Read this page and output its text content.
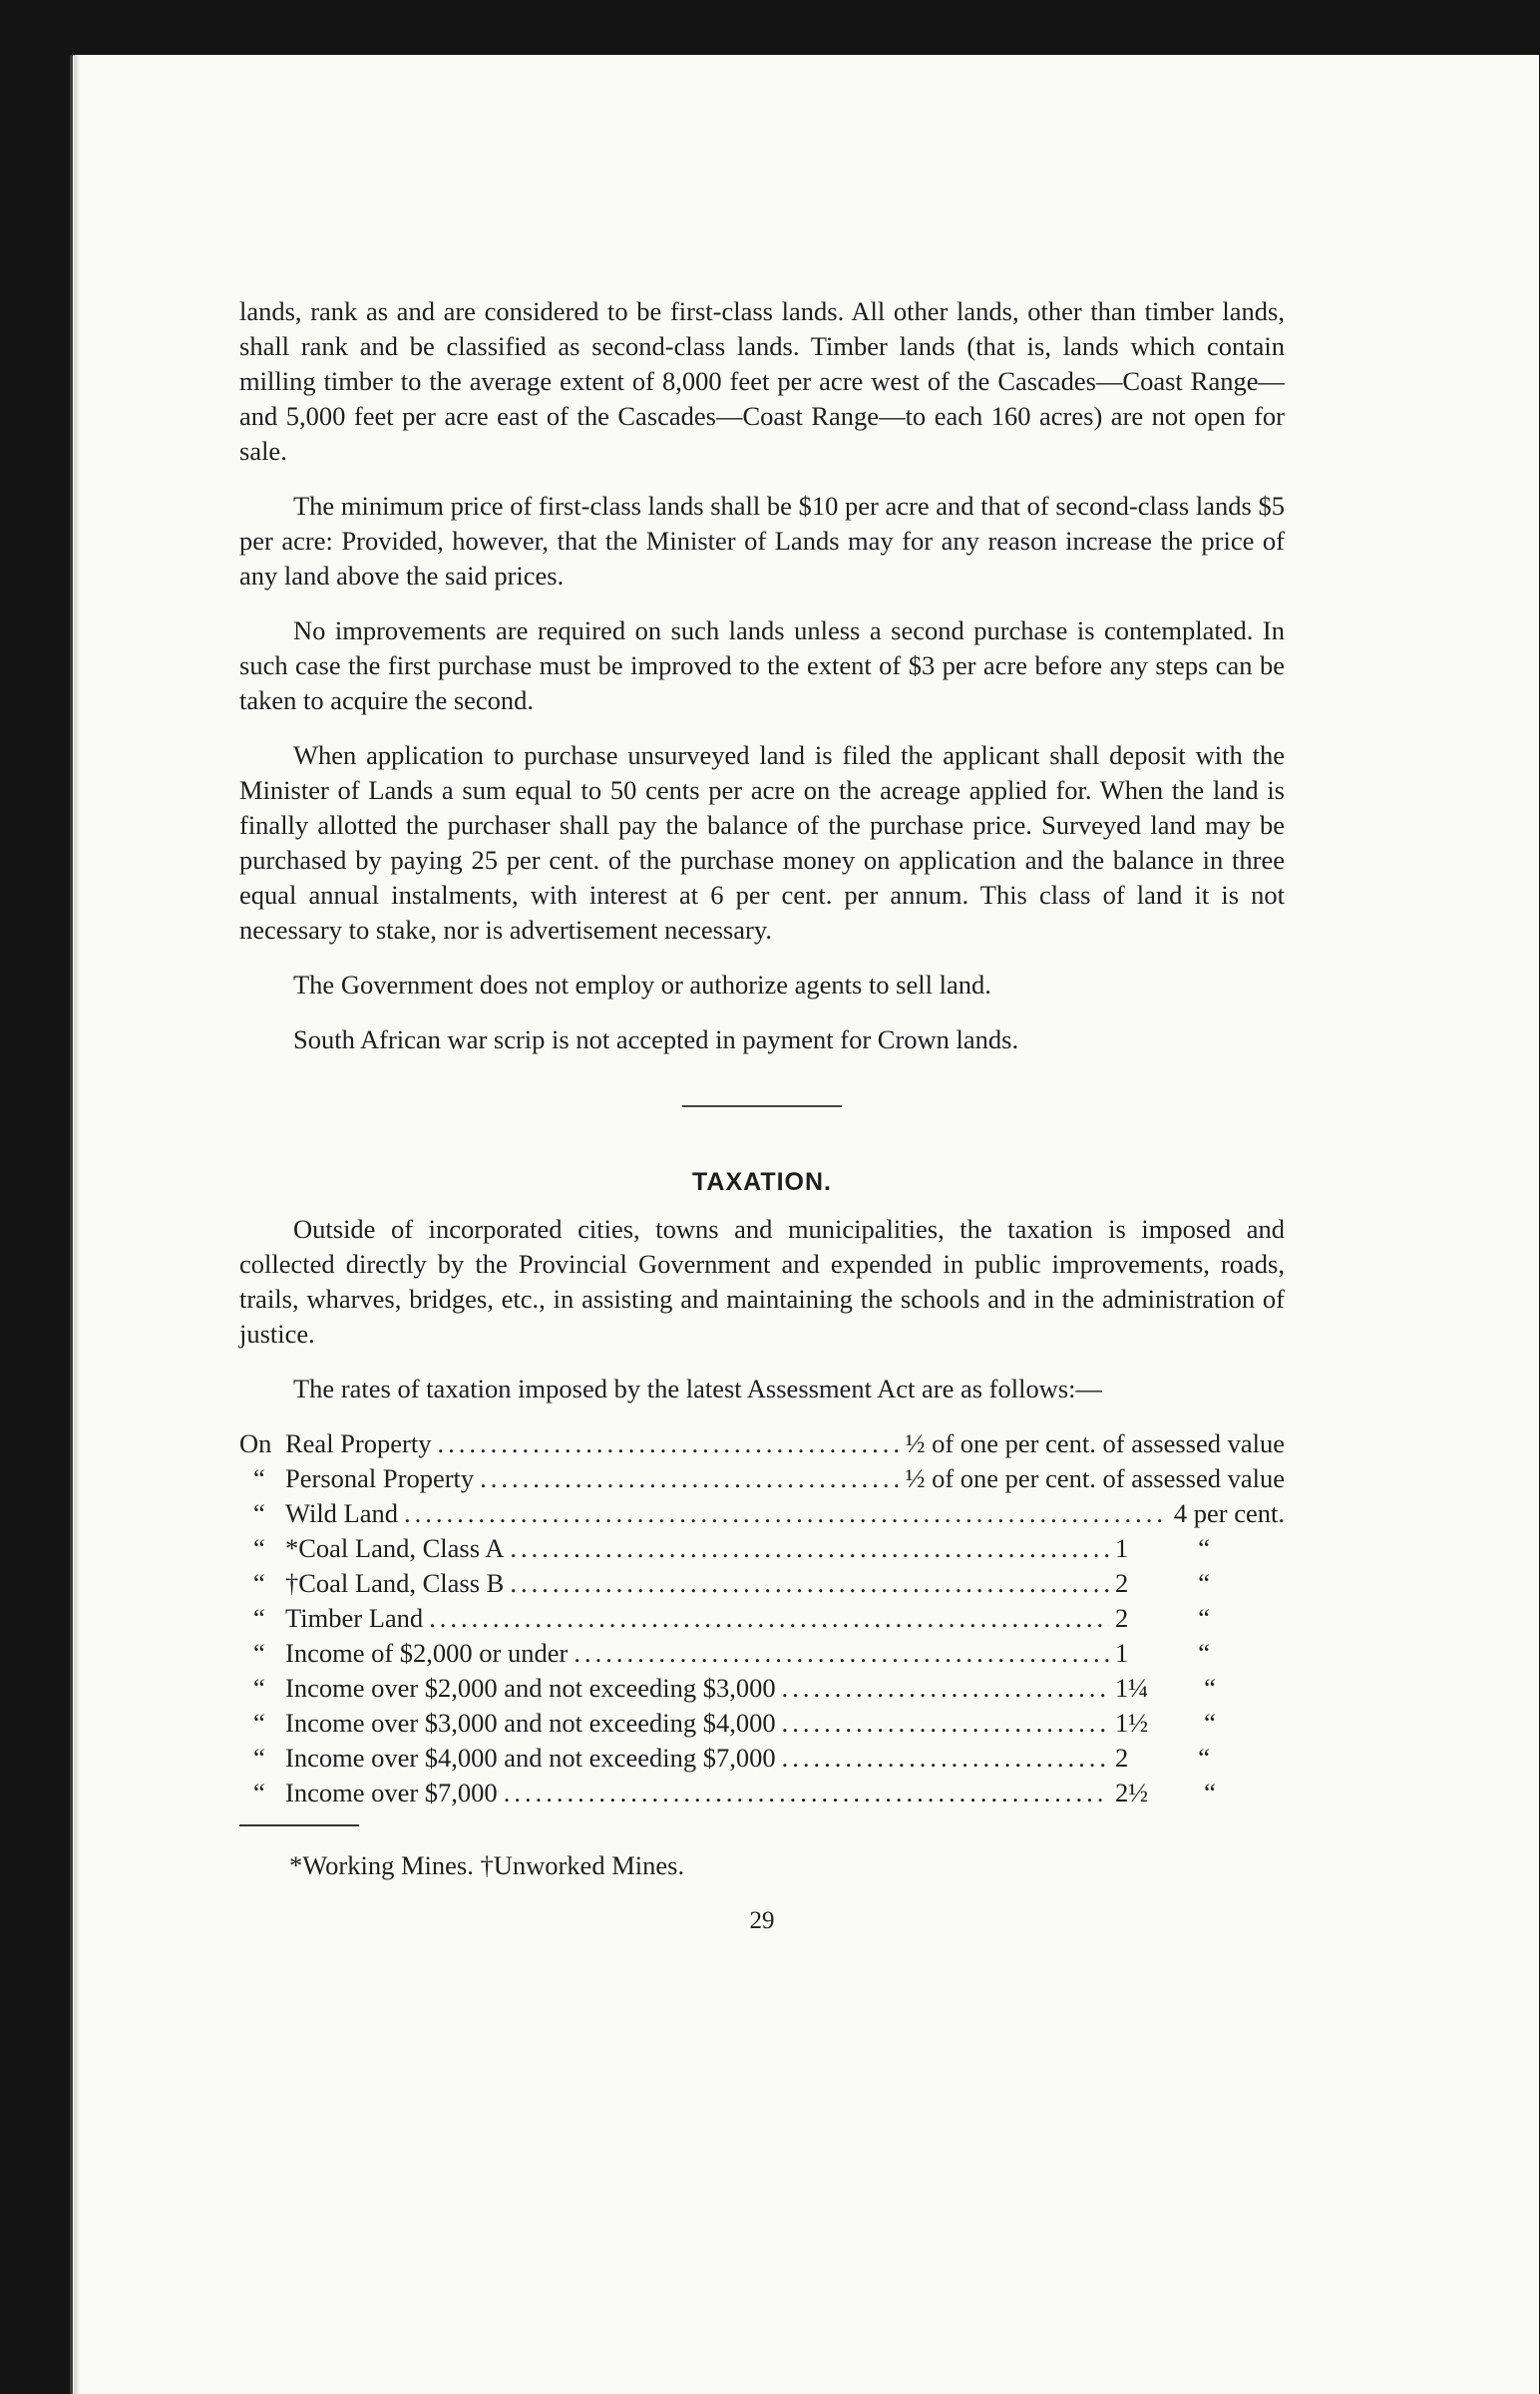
lands, rank as and are considered to be first-class lands. All other lands, other than timber lands, shall rank and be classified as second-class lands. Timber lands (that is, lands which contain milling timber to the average extent of 8,000 feet per acre west of the Cascades—Coast Range—and 5,000 feet per acre east of the Cascades—Coast Range—to each 160 acres) are not open for sale.

The minimum price of first-class lands shall be $10 per acre and that of second-class lands $5 per acre: Provided, however, that the Minister of Lands may for any reason increase the price of any land above the said prices.

No improvements are required on such lands unless a second purchase is contemplated. In such case the first purchase must be improved to the extent of $3 per acre before any steps can be taken to acquire the second.

When application to purchase unsurveyed land is filed the applicant shall deposit with the Minister of Lands a sum equal to 50 cents per acre on the acreage applied for. When the land is finally allotted the purchaser shall pay the balance of the purchase price. Surveyed land may be purchased by paying 25 per cent. of the purchase money on application and the balance in three equal annual instalments, with interest at 6 per cent. per annum. This class of land it is not necessary to stake, nor is advertisement necessary.

The Government does not employ or authorize agents to sell land.

South African war scrip is not accepted in payment for Crown lands.

TAXATION.

Outside of incorporated cities, towns and municipalities, the taxation is imposed and collected directly by the Provincial Government and expended in public improvements, roads, trails, wharves, bridges, etc., in assisting and maintaining the schools and in the administration of justice.

The rates of taxation imposed by the latest Assessment Act are as follows:—

On Real Property .....	½ of one per cent. of assessed value
“ Personal Property .....	½ of one per cent. of assessed value
“ Wild Land .....	4 per cent.
“ *Coal Land, Class A .....	1	“
“ †Coal Land, Class B .....	2	“
“ Timber Land .....	2	“
“ Income of $2,000 or under .....	1	“
“ Income over $2,000 and not exceeding $3,000 .....	1¼ “
“ Income over $3,000 and not exceeding $4,000 .....	1½ “
“ Income over $4,000 and not exceeding $7,000 .....	2	“
“ Income over $7,000 .....	2½ “

*Working Mines. †Unworked Mines.

29
